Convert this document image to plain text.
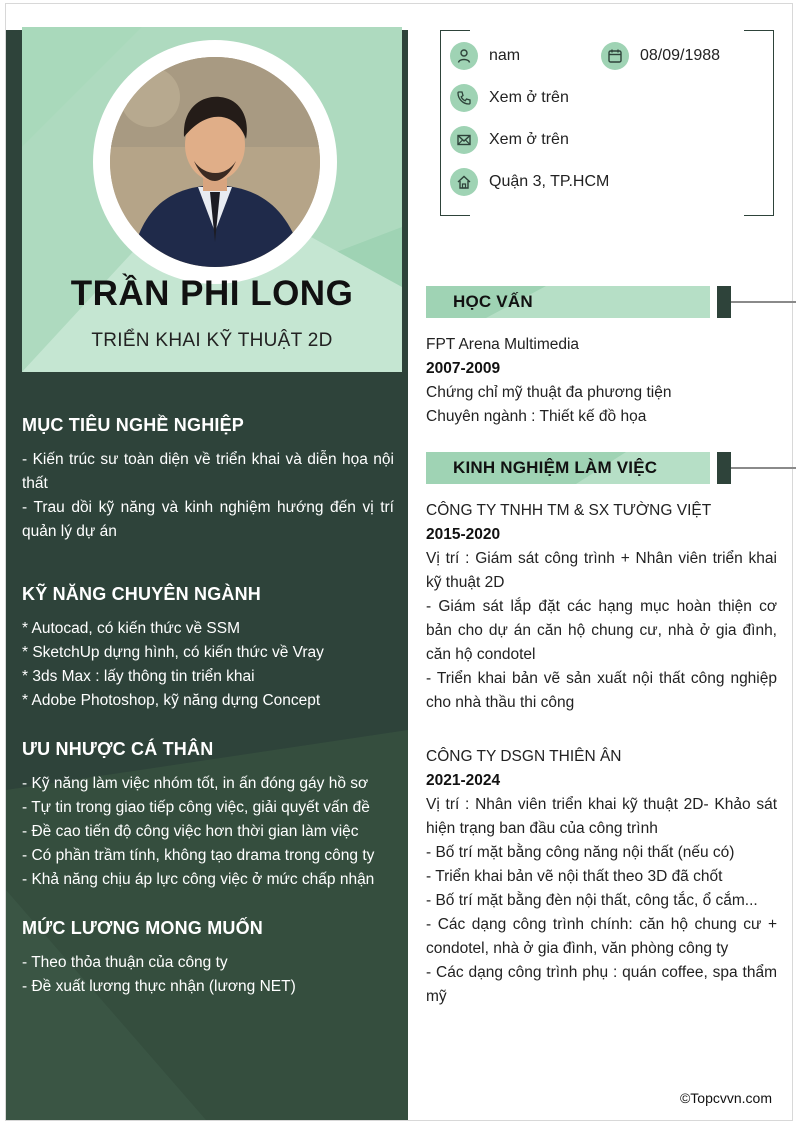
TRẦN PHI LONG
TRIỂN KHAI KỸ THUẬT 2D
MỤC TIÊU NGHỀ NGHIỆP

- Kiến trúc sư toàn diện về triển khai và diễn họa nội thất

- Trau dồi kỹ năng và kinh nghiệm hướng đến vị trí quản lý dự án

KỸ NĂNG CHUYÊN NGÀNH

* Autocad, có kiến thức về SSM

* SketchUp dựng hình, có kiến thức về Vray

* 3ds Max : lấy thông tin triển khai

* Adobe Photoshop, kỹ năng dựng Concept

ƯU NHƯỢC CÁ THÂN

- Kỹ năng làm việc nhóm tốt, in ấn đóng gáy hồ sơ

- Tự tin trong giao tiếp công việc, giải quyết vấn đề

- Đề cao tiến độ công việc hơn thời gian làm việc

- Có phần trầm tính, không tạo drama trong công ty

- Khả năng chịu áp lực công việc ở mức chấp nhận

MỨC LƯƠNG MONG MUỐN

- Theo thỏa thuận của công ty

- Đề xuất lương thực nhận (lương NET)

nam	08/09/1988
Xem ở trên
Xem ở trên
Quận 3, TP.HCM
HỌC VẤN

FPT Arena Multimedia

2007-2009

Chứng chỉ mỹ thuật đa phương tiện

Chuyên ngành : Thiết kế đồ họa

KINH NGHIỆM LÀM VIỆC

CÔNG TY TNHH TM & SX TƯỜNG VIỆT

2015-2020

Vị trí : Giám sát công trình + Nhân viên triển khai kỹ thuật 2D

- Giám sát lắp đặt các hạng mục hoàn thiện cơ bản cho dự án căn hộ chung cư, nhà ở gia đình, căn hộ condotel

- Triển khai bản vẽ sản xuất nội thất công nghiệp cho nhà thầu thi công

CÔNG TY DSGN THIÊN ÂN

2021-2024

Vị trí : Nhân viên triển khai kỹ thuật 2D- Khảo sát hiện trạng ban đầu của công trình

- Bố trí mặt bằng công năng nội thất (nếu có)

- Triển khai bản vẽ nội thất theo 3D đã chốt

- Bố trí mặt bằng đèn nội thất, công tắc, ổ cắm...

- Các dạng công trình chính: căn hộ chung cư + condotel, nhà ở gia đình, văn phòng công ty

- Các dạng công trình phụ : quán coffee, spa thẩm mỹ

©Topcvvn.com
